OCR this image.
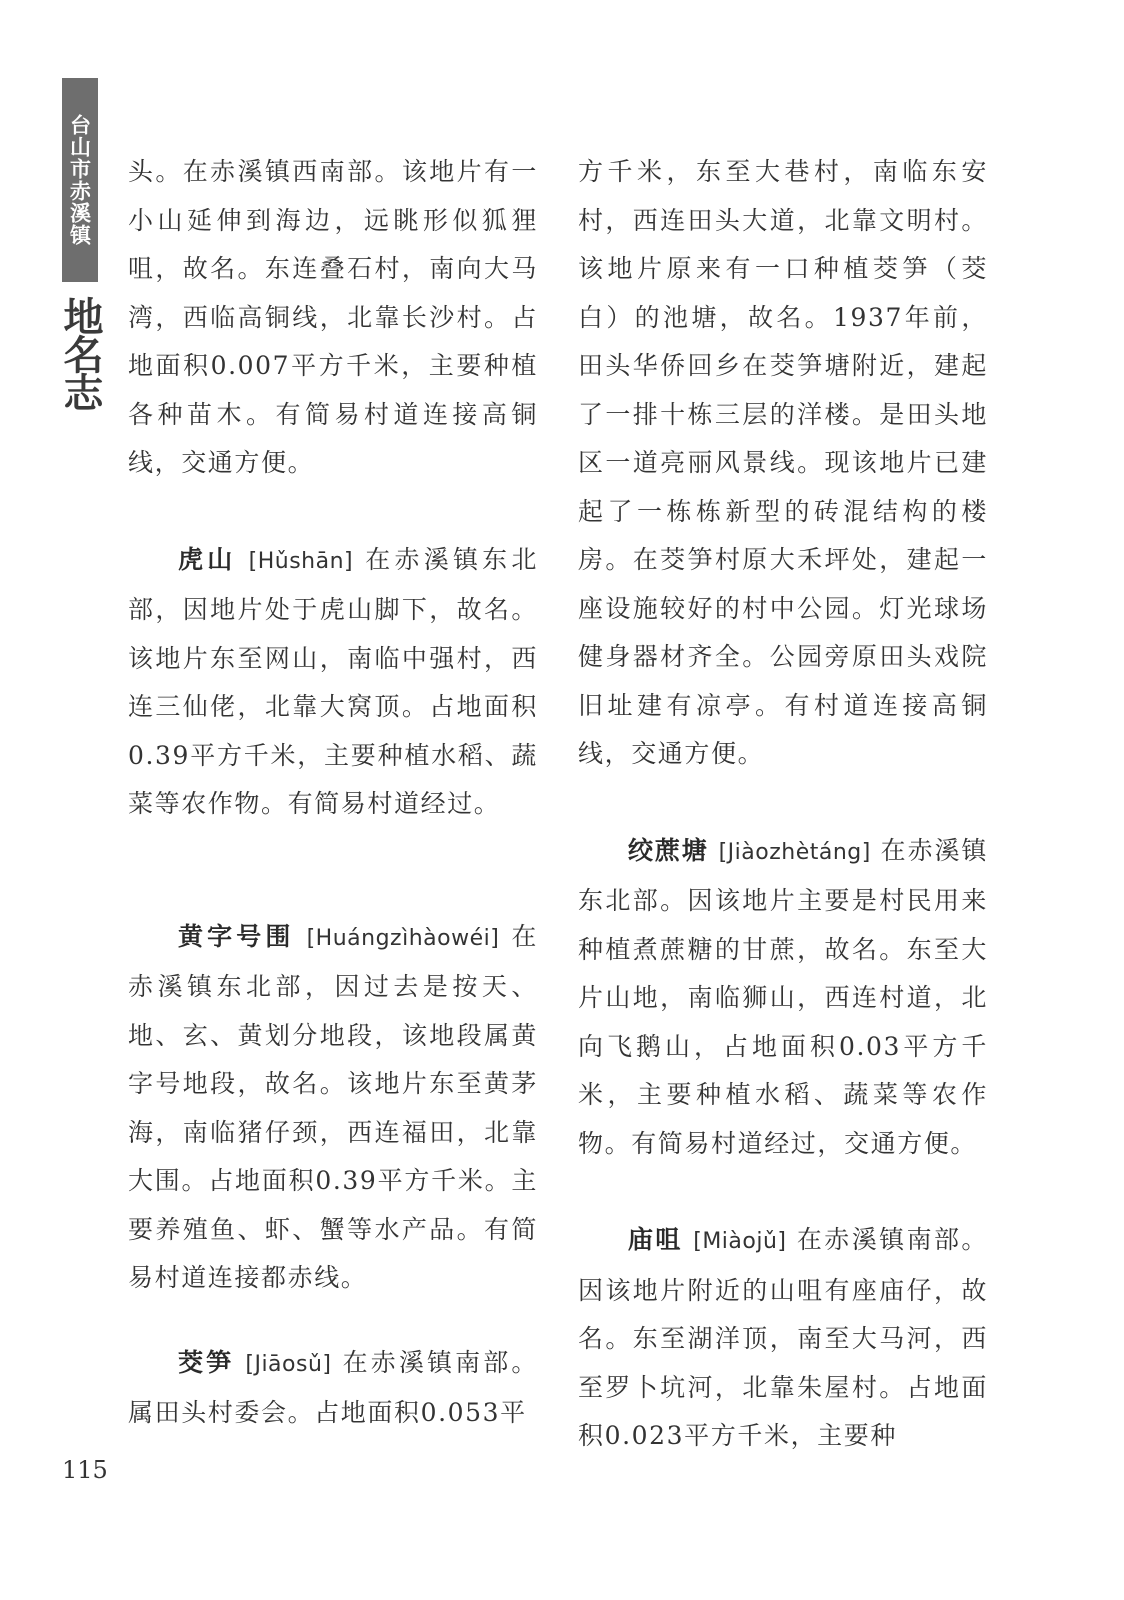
台山市赤溪镇
地名志

头。在赤溪镇西南部。该地片有一小山延伸到海边，远眺形似狐狸咀，故名。东连叠石村，南向大马湾，西临高铜线，北靠长沙村。占地面积0.007平方千米，主要种植各种苗木。有简易村道连接高铜线，交通方便。

虎山 [Hǔshān] 在赤溪镇东北部，因地片处于虎山脚下，故名。该地片东至网山，南临中强村，西连三仙佬，北靠大窝顶。占地面积0.39平方千米，主要种植水稻、蔬菜等农作物。有简易村道经过。

黄字号围 [Huángzìhàowéi] 在赤溪镇东北部，因过去是按天、地、玄、黄划分地段，该地段属黄字号地段，故名。该地片东至黄茅海，南临猪仔颈，西连福田，北靠大围。占地面积0.39平方千米。主要养殖鱼、虾、蟹等水产品。有简易村道连接都赤线。

茭笋 [Jiāosǔ] 在赤溪镇南部。属田头村委会。占地面积0.053平

方千米，东至大巷村，南临东安村，西连田头大道，北靠文明村。该地片原来有一口种植茭笋（茭白）的池塘，故名。1937年前，田头华侨回乡在茭笋塘附近，建起了一排十栋三层的洋楼。是田头地区一道亮丽风景线。现该地片已建起了一栋栋新型的砖混结构的楼房。在茭笋村原大禾坪处，建起一座设施较好的村中公园。灯光球场健身器材齐全。公园旁原田头戏院旧址建有凉亭。有村道连接高铜线，交通方便。

绞蔗塘 [Jiàozhètáng] 在赤溪镇东北部。因该地片主要是村民用来种植煮蔗糖的甘蔗，故名。东至大片山地，南临狮山，西连村道，北向飞鹅山，占地面积0.03平方千米，主要种植水稻、蔬菜等农作物。有简易村道经过，交通方便。

庙咀 [Miàojǔ] 在赤溪镇南部。因该地片附近的山咀有座庙仔，故名。东至湖洋顶，南至大马河，西至罗卜坑河，北靠朱屋村。占地面积0.023平方千米，主要种

115
